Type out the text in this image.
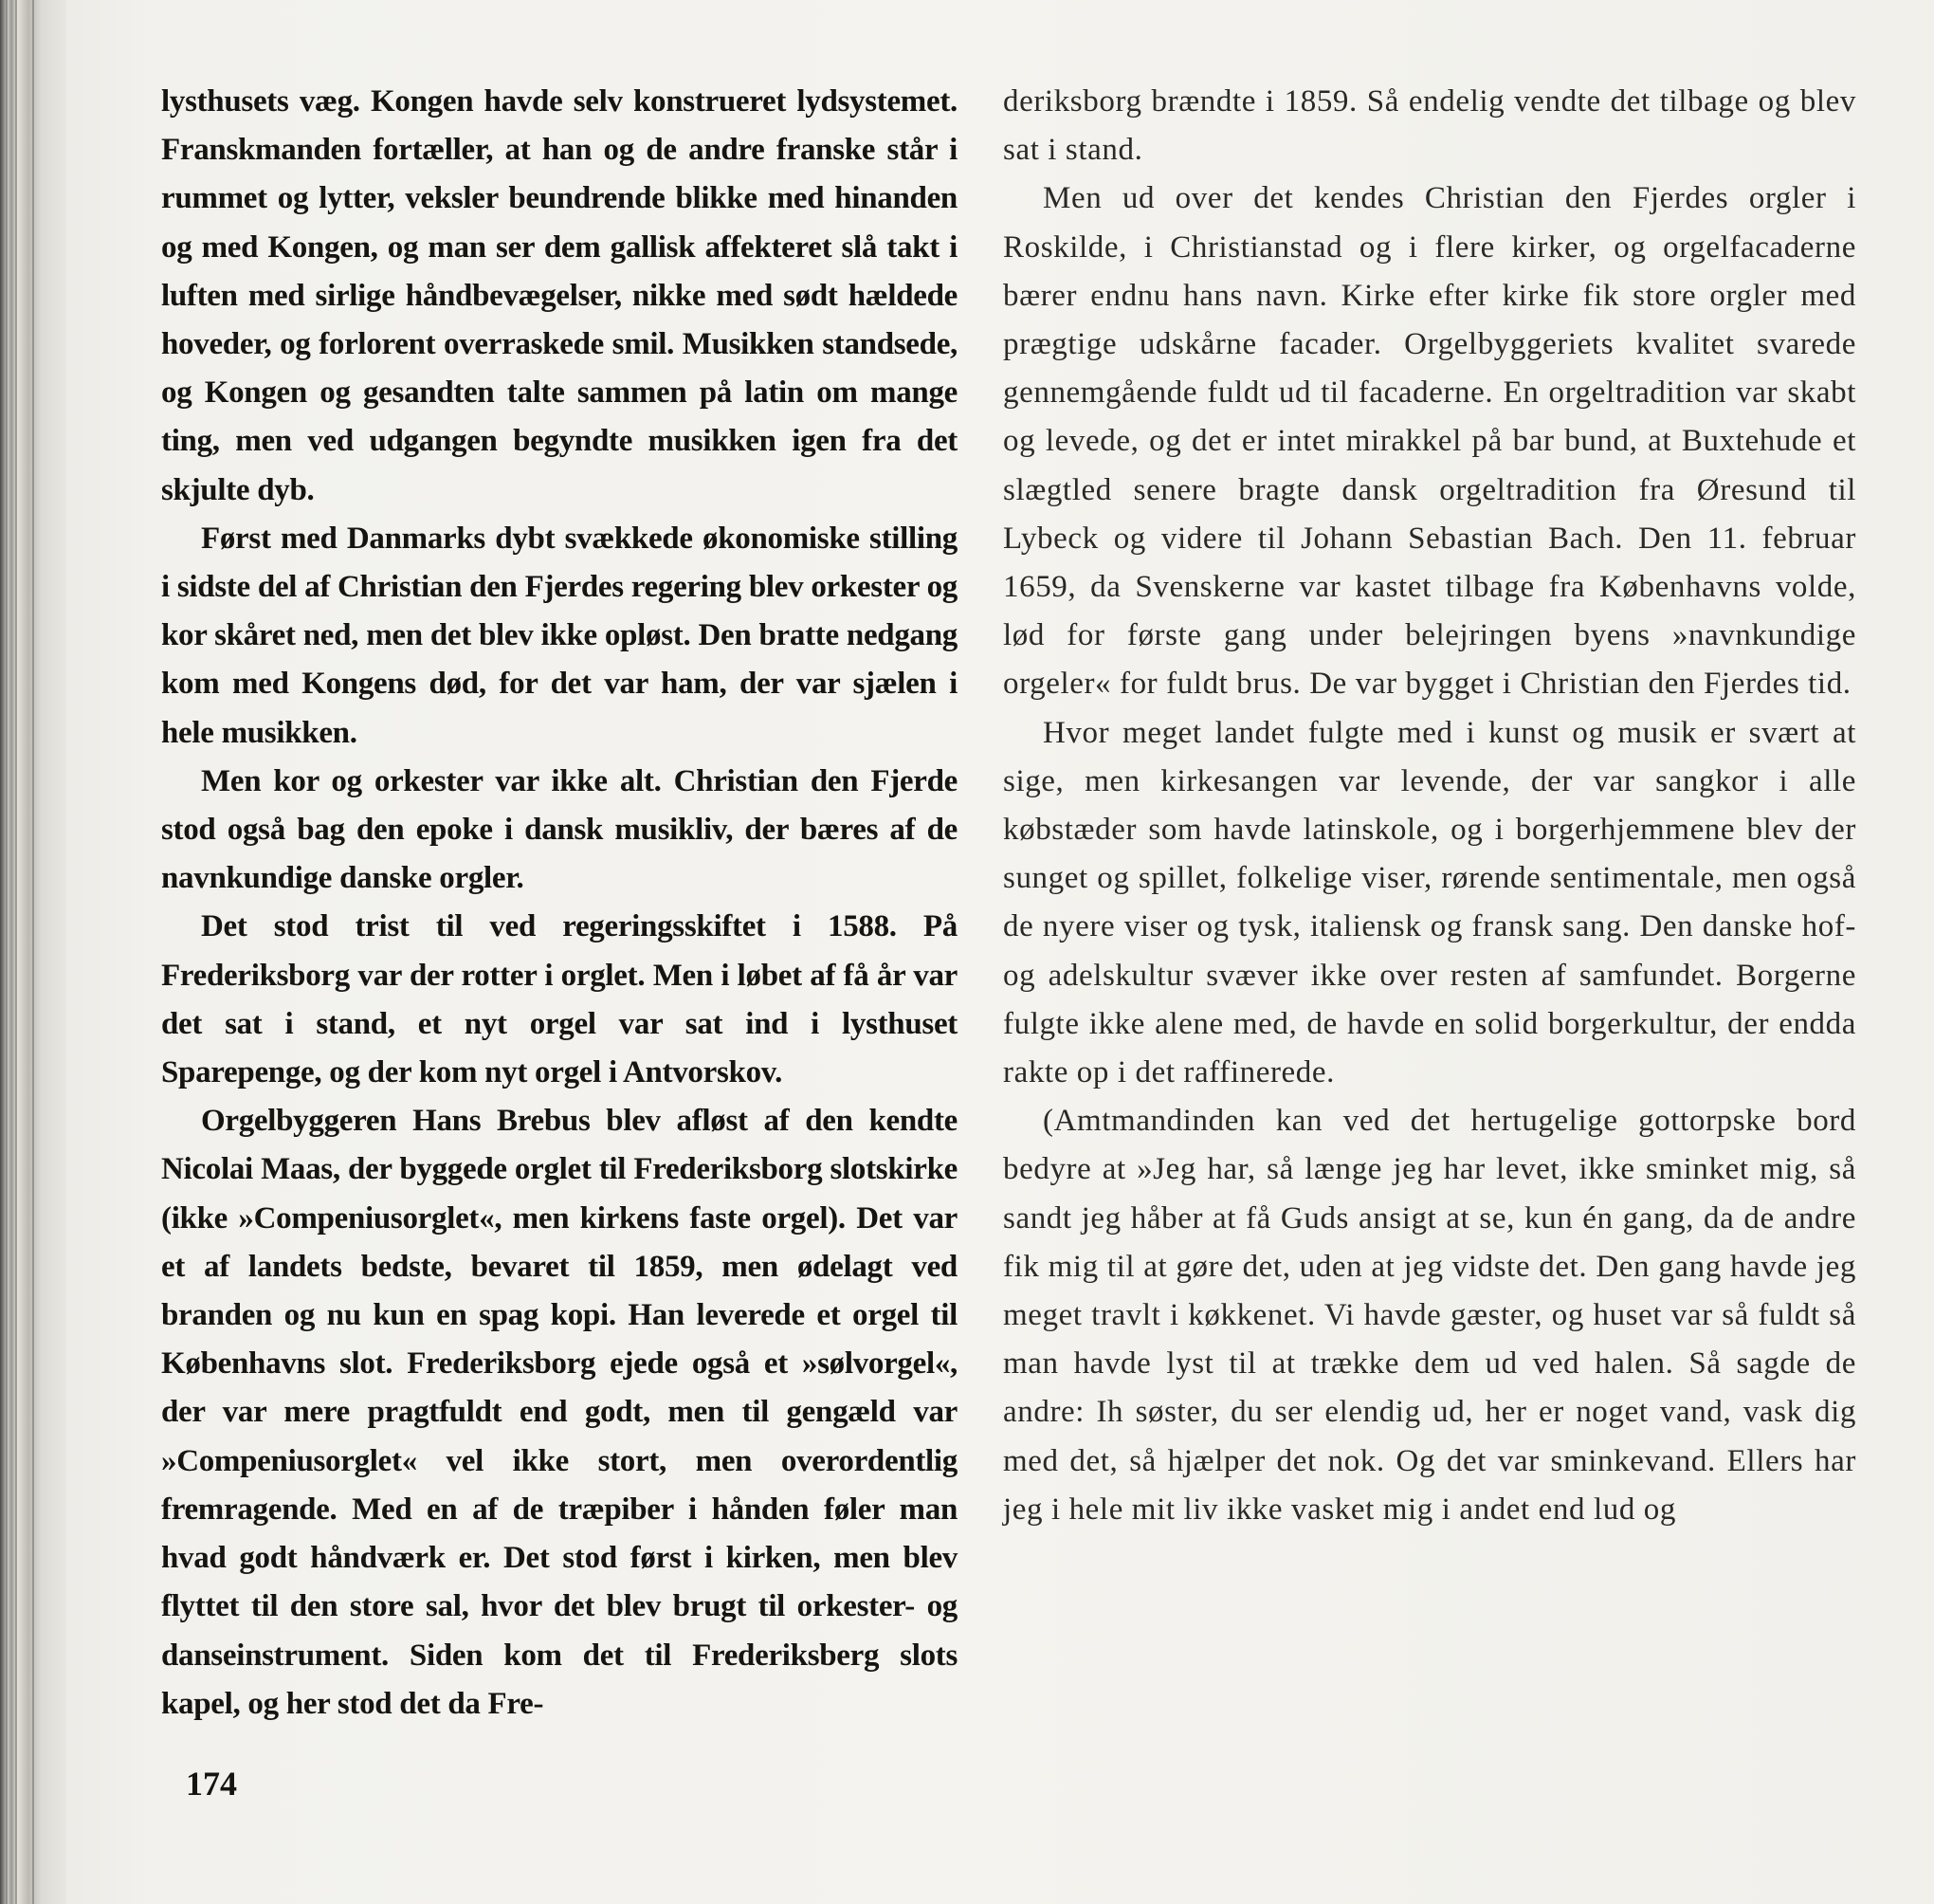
lysthusets væg. Kongen havde selv konstrueret lydsystemet. Franskmanden fortæller, at han og de andre franske står i rummet og lytter, veksler beundrende blikke med hinanden og med Kongen, og man ser dem gallisk affekteret slå takt i luften med sirlige håndbevægelser, nikke med sødt hældede hoveder, og forlorent overraskede smil. Musikken standsede, og Kongen og gesandten talte sammen på latin om mange ting, men ved udgangen begyndte musikken igen fra det skjulte dyb.

Først med Danmarks dybt svækkede økonomiske stilling i sidste del af Christian den Fjerdes regering blev orkester og kor skåret ned, men det blev ikke opløst. Den bratte nedgang kom med Kongens død, for det var ham, der var sjælen i hele musikken.

Men kor og orkester var ikke alt. Christian den Fjerde stod også bag den epoke i dansk musikliv, der bæres af de navnkundige danske orgler.

Det stod trist til ved regeringsskiftet i 1588. På Frederiksborg var der rotter i orglet. Men i løbet af få år var det sat i stand, et nyt orgel var sat ind i lysthuset Sparepenge, og der kom nyt orgel i Antvorskov.

Orgelbyggeren Hans Brebus blev afløst af den kendte Nicolai Maas, der byggede orglet til Frederiksborg slotskirke (ikke »Compeniusorglet«, men kirkens faste orgel). Det var et af landets bedste, bevaret til 1859, men ødelagt ved branden og nu kun en spag kopi. Han leverede et orgel til Københavns slot. Frederiksborg ejede også et »sølvorgel«, der var mere pragtfuldt end godt, men til gengæld var »Compeniusorglet« vel ikke stort, men overordentlig fremragende. Med en af de træpiber i hånden føler man hvad godt håndværk er. Det stod først i kirken, men blev flyttet til den store sal, hvor det blev brugt til orkester- og danseinstrument. Siden kom det til Frederiksberg slots kapel, og her stod det da Fre-

deriksborg brændte i 1859. Så endelig vendte det tilbage og blev sat i stand.

Men ud over det kendes Christian den Fjerdes orgler i Roskilde, i Christianstad og i flere kirker, og orgelfacaderne bærer endnu hans navn. Kirke efter kirke fik store orgler med prægtige udskårne facader. Orgelbyggeriets kvalitet svarede gennemgående fuldt ud til facaderne. En orgeltradition var skabt og levede, og det er intet mirakkel på bar bund, at Buxtehude et slægtled senere bragte dansk orgeltradition fra Øresund til Lybeck og videre til Johann Sebastian Bach. Den 11. februar 1659, da Svenskerne var kastet tilbage fra Københavns volde, lød for første gang under belejringen byens »navnkundige orgeler« for fuldt brus. De var bygget i Christian den Fjerdes tid.

Hvor meget landet fulgte med i kunst og musik er svært at sige, men kirkesangen var levende, der var sangkor i alle købstæder som havde latinskole, og i borgerhjemmene blev der sunget og spillet, folkelige viser, rørende sentimentale, men også de nyere viser og tysk, italiensk og fransk sang. Den danske hof- og adelskultur svæver ikke over resten af samfundet. Borgerne fulgte ikke alene med, de havde en solid borgerkultur, der endda rakte op i det raffinerede.

(Amtmandinden kan ved det hertugelige gottorpske bord bedyre at »Jeg har, så længe jeg har levet, ikke sminket mig, så sandt jeg håber at få Guds ansigt at se, kun én gang, da de andre fik mig til at gøre det, uden at jeg vidste det. Den gang havde jeg meget travlt i køkkenet. Vi havde gæster, og huset var så fuldt så man havde lyst til at trække dem ud ved halen. Så sagde de andre: Ih søster, du ser elendig ud, her er noget vand, vask dig med det, så hjælper det nok. Og det var sminkevand. Ellers har jeg i hele mit liv ikke vasket mig i andet end lud og

174
